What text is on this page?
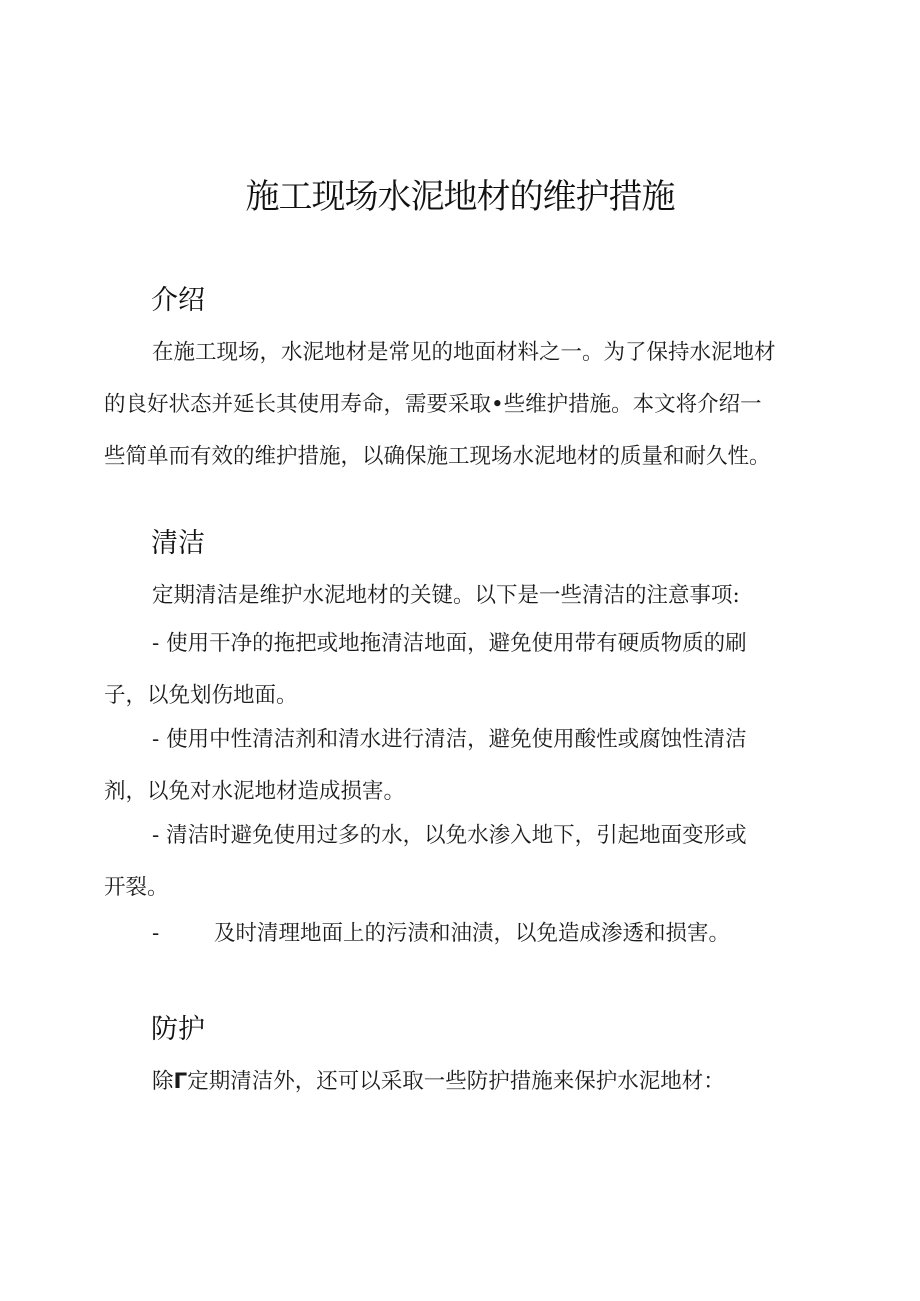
施工现场水泥地材的维护措施
介绍
在施工现场，水泥地材是常见的地面材料之一。为了保持水泥地材
的良好状态并延长其使用寿命，需要采取•些维护措施。本文将介绍一
些简单而有效的维护措施，以确保施工现场水泥地材的质量和耐久性。
清洁
定期清洁是维护水泥地材的关键。以下是一些清洁的注意事项:
- 使用干净的拖把或地拖清洁地面，避免使用带有硬质物质的刷
子，以免划伤地面。
- 使用中性清洁剂和清水进行清洁，避免使用酸性或腐蚀性清洁
剂，以免对水泥地材造成损害。
- 清洁时避免使用过多的水，以免水渗入地下，引起地面变形或
开裂。
-        及时清理地面上的污渍和油渍，以免造成渗透和损害。
防护
除Γ定期清洁外，还可以采取一些防护措施来保护水泥地材：
